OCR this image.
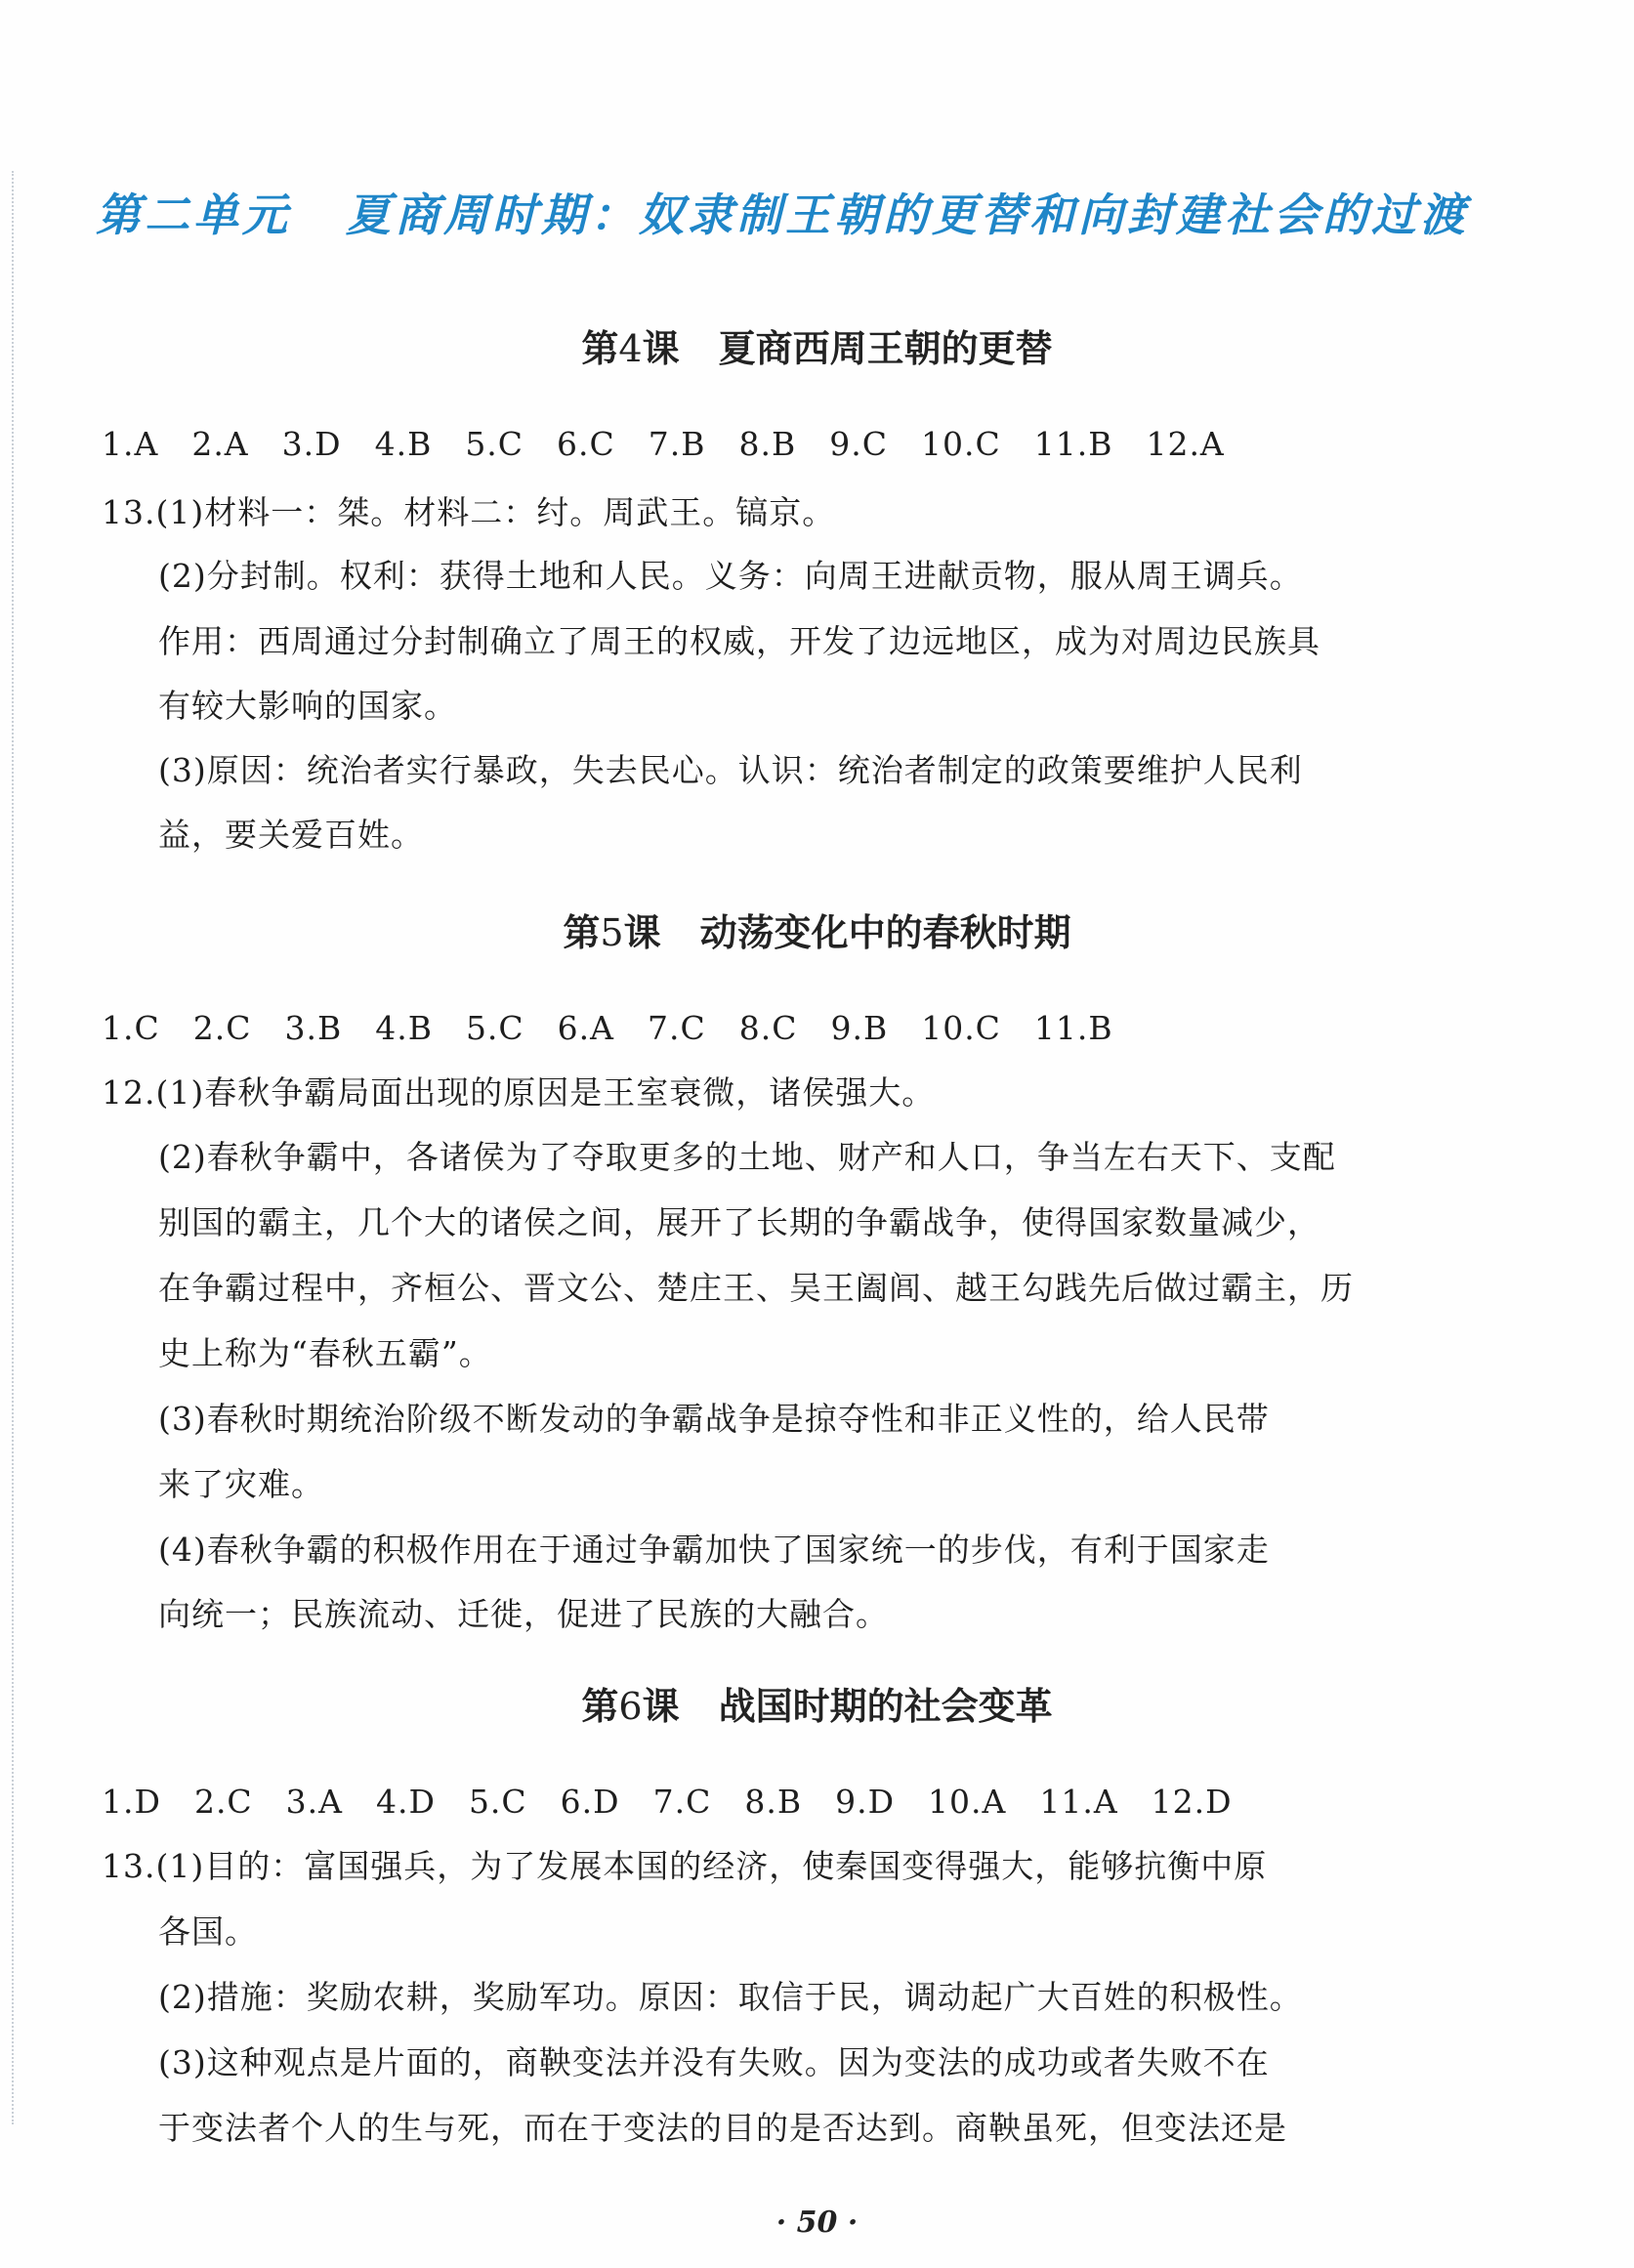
第二单元 夏商周时期：奴隶制王朝的更替和向封建社会的过渡
第4课 夏商西周王朝的更替
1.A　2.A　3.D　4.B　5.C　6.C　7.B　8.B　9.C　10.C　11.B　12.A
13.(1)材料一：桀。材料二：纣。周武王。镐京。
(2)分封制。权利：获得土地和人民。义务：向周王进献贡物，服从周王调兵。
作用：西周通过分封制确立了周王的权威，开发了边远地区，成为对周边民族具
有较大影响的国家。
(3)原因：统治者实行暴政，失去民心。认识：统治者制定的政策要维护人民利
益，要关爱百姓。
第5课 动荡变化中的春秋时期
1.C　2.C　3.B　4.B　5.C　6.A　7.C　8.C　9.B　10.C　11.B
12.(1)春秋争霸局面出现的原因是王室衰微，诸侯强大。
(2)春秋争霸中，各诸侯为了夺取更多的土地、财产和人口，争当左右天下、支配
别国的霸主，几个大的诸侯之间，展开了长期的争霸战争，使得国家数量减少，
在争霸过程中，齐桓公、晋文公、楚庄王、吴王阖闾、越王勾践先后做过霸主，历
史上称为“春秋五霸”。
(3)春秋时期统治阶级不断发动的争霸战争是掠夺性和非正义性的，给人民带
来了灾难。
(4)春秋争霸的积极作用在于通过争霸加快了国家统一的步伐，有利于国家走
向统一；民族流动、迁徙，促进了民族的大融合。
第6课 战国时期的社会变革
1.D　2.C　3.A　4.D　5.C　6.D　7.C　8.B　9.D　10.A　11.A　12.D
13.(1)目的：富国强兵，为了发展本国的经济，使秦国变得强大，能够抗衡中原
各国。
(2)措施：奖励农耕，奖励军功。原因：取信于民，调动起广大百姓的积极性。
(3)这种观点是片面的，商鞅变法并没有失败。因为变法的成功或者失败不在
于变法者个人的生与死，而在于变法的目的是否达到。商鞅虽死，但变法还是
· 50 ·
